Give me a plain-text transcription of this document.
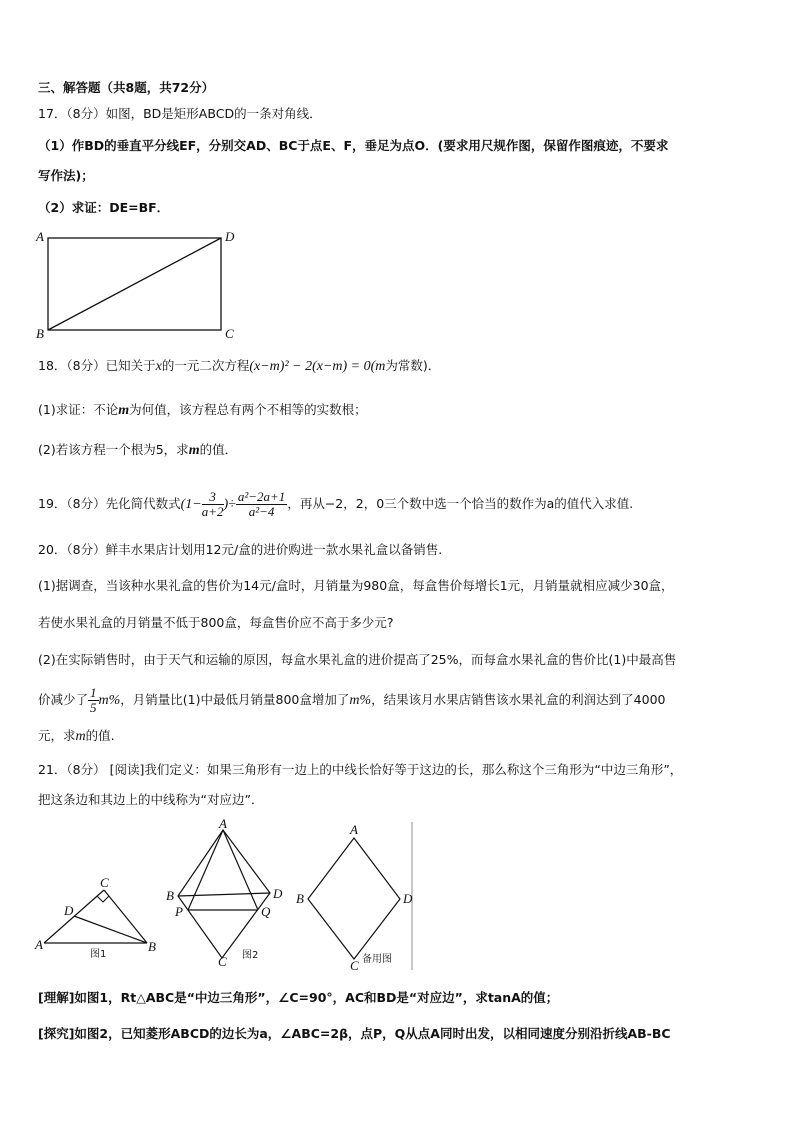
三、解答题（共8题，共72分）
17．（8分）如图，BD是矩形ABCD的一条对角线．
（1）作BD的垂直平分线EF，分别交AD、BC于点E、F，垂足为点O．(要求用尺规作图，保留作图痕迹，不要求
写作法)；
（2）求证：DE=BF．
A	D
B	C
18．（8分）已知关于x的一元二次方程(x−m)² − 2(x−m) = 0(m为常数)．
(1)求证：不论m为何值，该方程总有两个不相等的实数根；
(2)若该方程一个根为5，求m的值．
19．（8分）先化简代数式($1- \frac{3}{a+2}$ )÷ $\frac{\text{a²−2a+1}}{\text{a²−4}}$ ，再从−2，2，0三个数中选一个恰当的数作为a的值代入求值.
20．（8分）鲜丰水果店计划用12元/盒的进价购进一款水果礼盒以备销售.
(1)据调查，当该种水果礼盒的售价为14元/盒时，月销量为980盒，每盒售价每增长1元，月销量就相应减少30盒，
若使水果礼盒的月销量不低于800盒，每盒售价应不高于多少元?
(2)在实际销售时，由于天气和运输的原因，每盒水果礼盒的进价提高了25%，而每盒水果礼盒的售价比(1)中最高售
价减少了 $\frac{1}{5} m\%$，月销量比(1)中最低月销量800盒增加了m%，结果该月水果店销售该水果礼盒的利润达到了4000
元，求m的值.
21．（8分） [阅读]我们定义：如果三角形有一边上的中线长恰好等于这边的长，那么称这个三角形为“中边三角形”，
把这条边和其边上的中线称为“对应边”．
A	B
C
D
图1
A
B
C
D
P	Q
图2
A
B
C
D
备用图
[理解]如图1，Rt△ABC是“中边三角形”，∠C=90°，AC和BD是“对应边”，求tanA的值；
[探究]如图2，已知菱形ABCD的边长为a，∠ABC=2β，点P，Q从点A同时出发，以相同速度分别沿折线AB-BC
